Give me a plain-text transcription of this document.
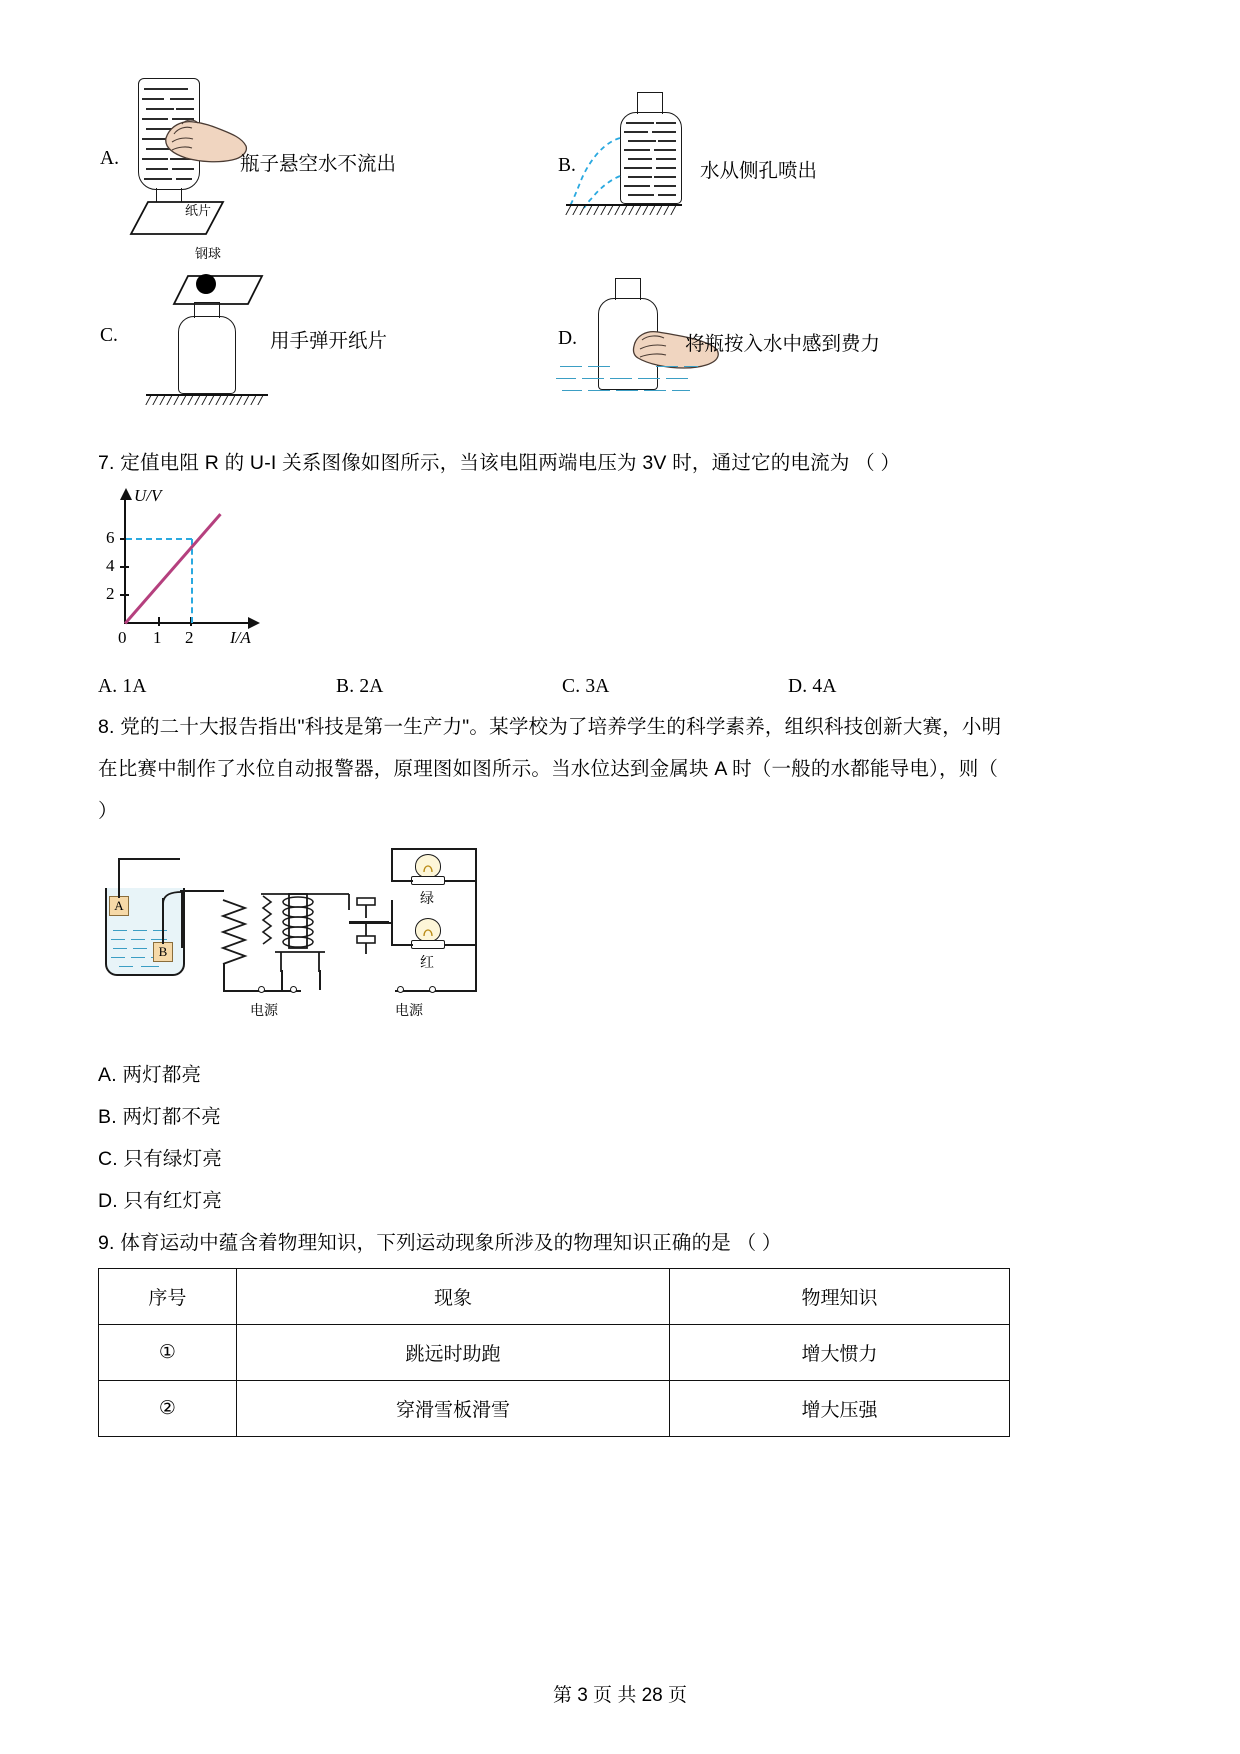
A.	瓶子悬空水不流出
纸片
B.	水从侧孔喷出
钢球
C.	用手弹开纸片	D.	将瓶按入水中感到费力
7. 定值电阻 R 的 U-I 关系图像如图所示，当该电阻两端电压为 3V 时，通过它的电流为 （ ）
6
4
2
0 1 2
U/V
I/A
A. 1A	B. 2A	C. 3A	D. 4A
8. 党的二十大报告指出"科技是第一生产力"。某学校为了培养学生的科学素养，组织科技创新大赛，小明
在比赛中制作了水位自动报警器，原理图如图所示。当水位达到金属块 A 时（一般的水都能导电），则（
）
A
B
绿
红
电源	电源
A. 两灯都亮
B. 两灯都不亮
C. 只有绿灯亮
D. 只有红灯亮
9. 体育运动中蕴含着物理知识，下列运动现象所涉及的物理知识正确的是 （ ）
序号	现象	物理知识
①	跳远时助跑	增大惯力
②	穿滑雪板滑雪	增大压强
第 3 页 共 28 页
